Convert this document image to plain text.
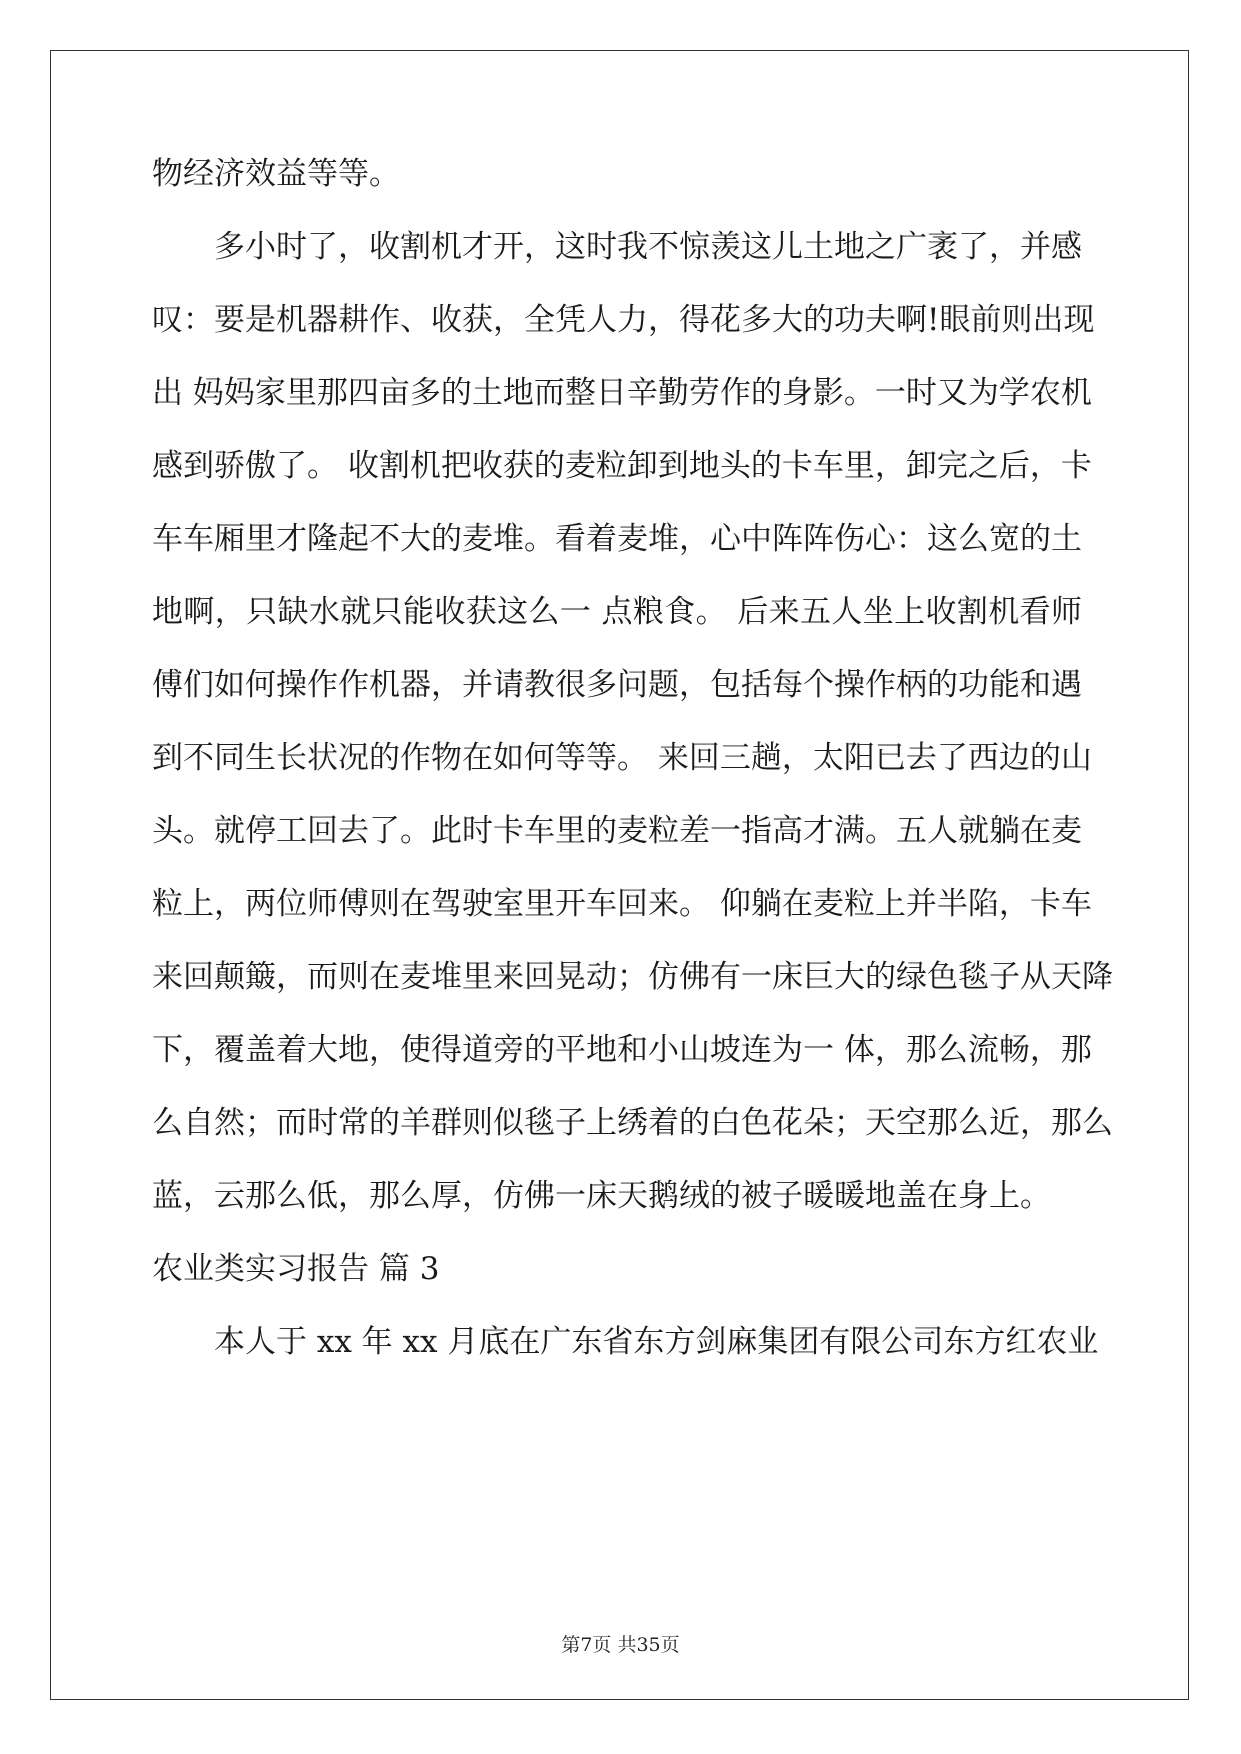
物经济效益等等。
多小时了，收割机才开，这时我不惊羡这儿土地之广袤了，并感
叹：要是机器耕作、收获，全凭人力，得花多大的功夫啊!眼前则出现
出 妈妈家里那四亩多的土地而整日辛勤劳作的身影。一时又为学农机
感到骄傲了。 收割机把收获的麦粒卸到地头的卡车里，卸完之后，卡
车车厢里才隆起不大的麦堆。看着麦堆，心中阵阵伤心：这么宽的土
地啊，只缺水就只能收获这么一 点粮食。 后来五人坐上收割机看师
傅们如何操作作机器，并请教很多问题，包括每个操作柄的功能和遇
到不同生长状况的作物在如何等等。 来回三趟，太阳已去了西边的山
头。就停工回去了。此时卡车里的麦粒差一指高才满。五人就躺在麦
粒上，两位师傅则在驾驶室里开车回来。 仰躺在麦粒上并半陷，卡车
来回颠簸，而则在麦堆里来回晃动；仿佛有一床巨大的绿色毯子从天降
下，覆盖着大地，使得道旁的平地和小山坡连为一 体，那么流畅，那
么自然；而时常的羊群则似毯子上绣着的白色花朵；天空那么近，那么
蓝，云那么低，那么厚，仿佛一床天鹅绒的被子暖暖地盖在身上。
农业类实习报告 篇 3
本人于 xx 年 xx 月底在广东省东方剑麻集团有限公司东方红农业
第7页 共35页
